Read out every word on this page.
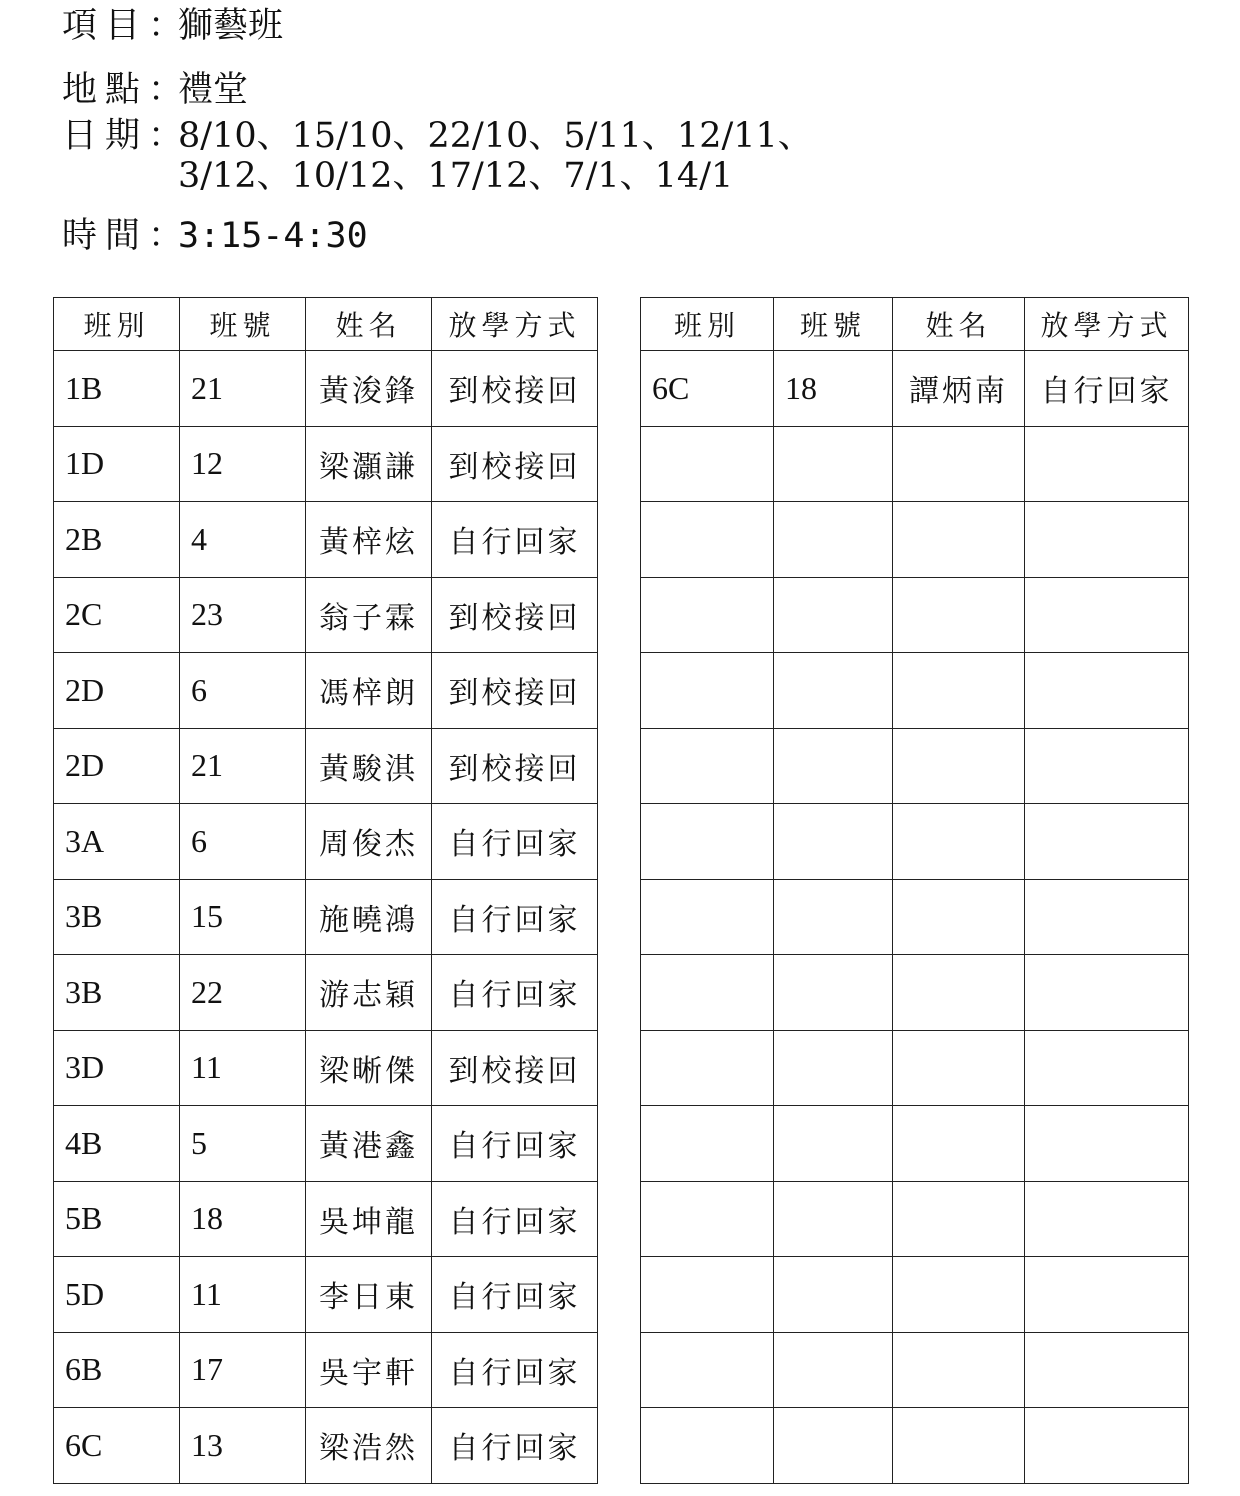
項目：獅藝班
地點：禮堂
日期：
8/10、15/10、22/10、5/11、12/11、
3/12、10/12、17/12、7/1、14/1
時間：3:15-4:30
班別	班號	姓名	放學方式
1B	21	黃浚鋒	到校接回
1D	12	梁灝謙	到校接回
2B	4	黃梓炫	自行回家
2C	23	翁子霖	到校接回
2D	6	馮梓朗	到校接回
2D	21	黃駿淇	到校接回
3A	6	周俊杰	自行回家
3B	15	施曉鴻	自行回家
3B	22	游志穎	自行回家
3D	11	梁晰傑	到校接回
4B	5	黃港鑫	自行回家
5B	18	吳坤龍	自行回家
5D	11	李日東	自行回家
6B	17	吳宇軒	自行回家
6C	13	梁浩然	自行回家
班別	班號	姓名	放學方式
6C	18	譚炳南	自行回家
